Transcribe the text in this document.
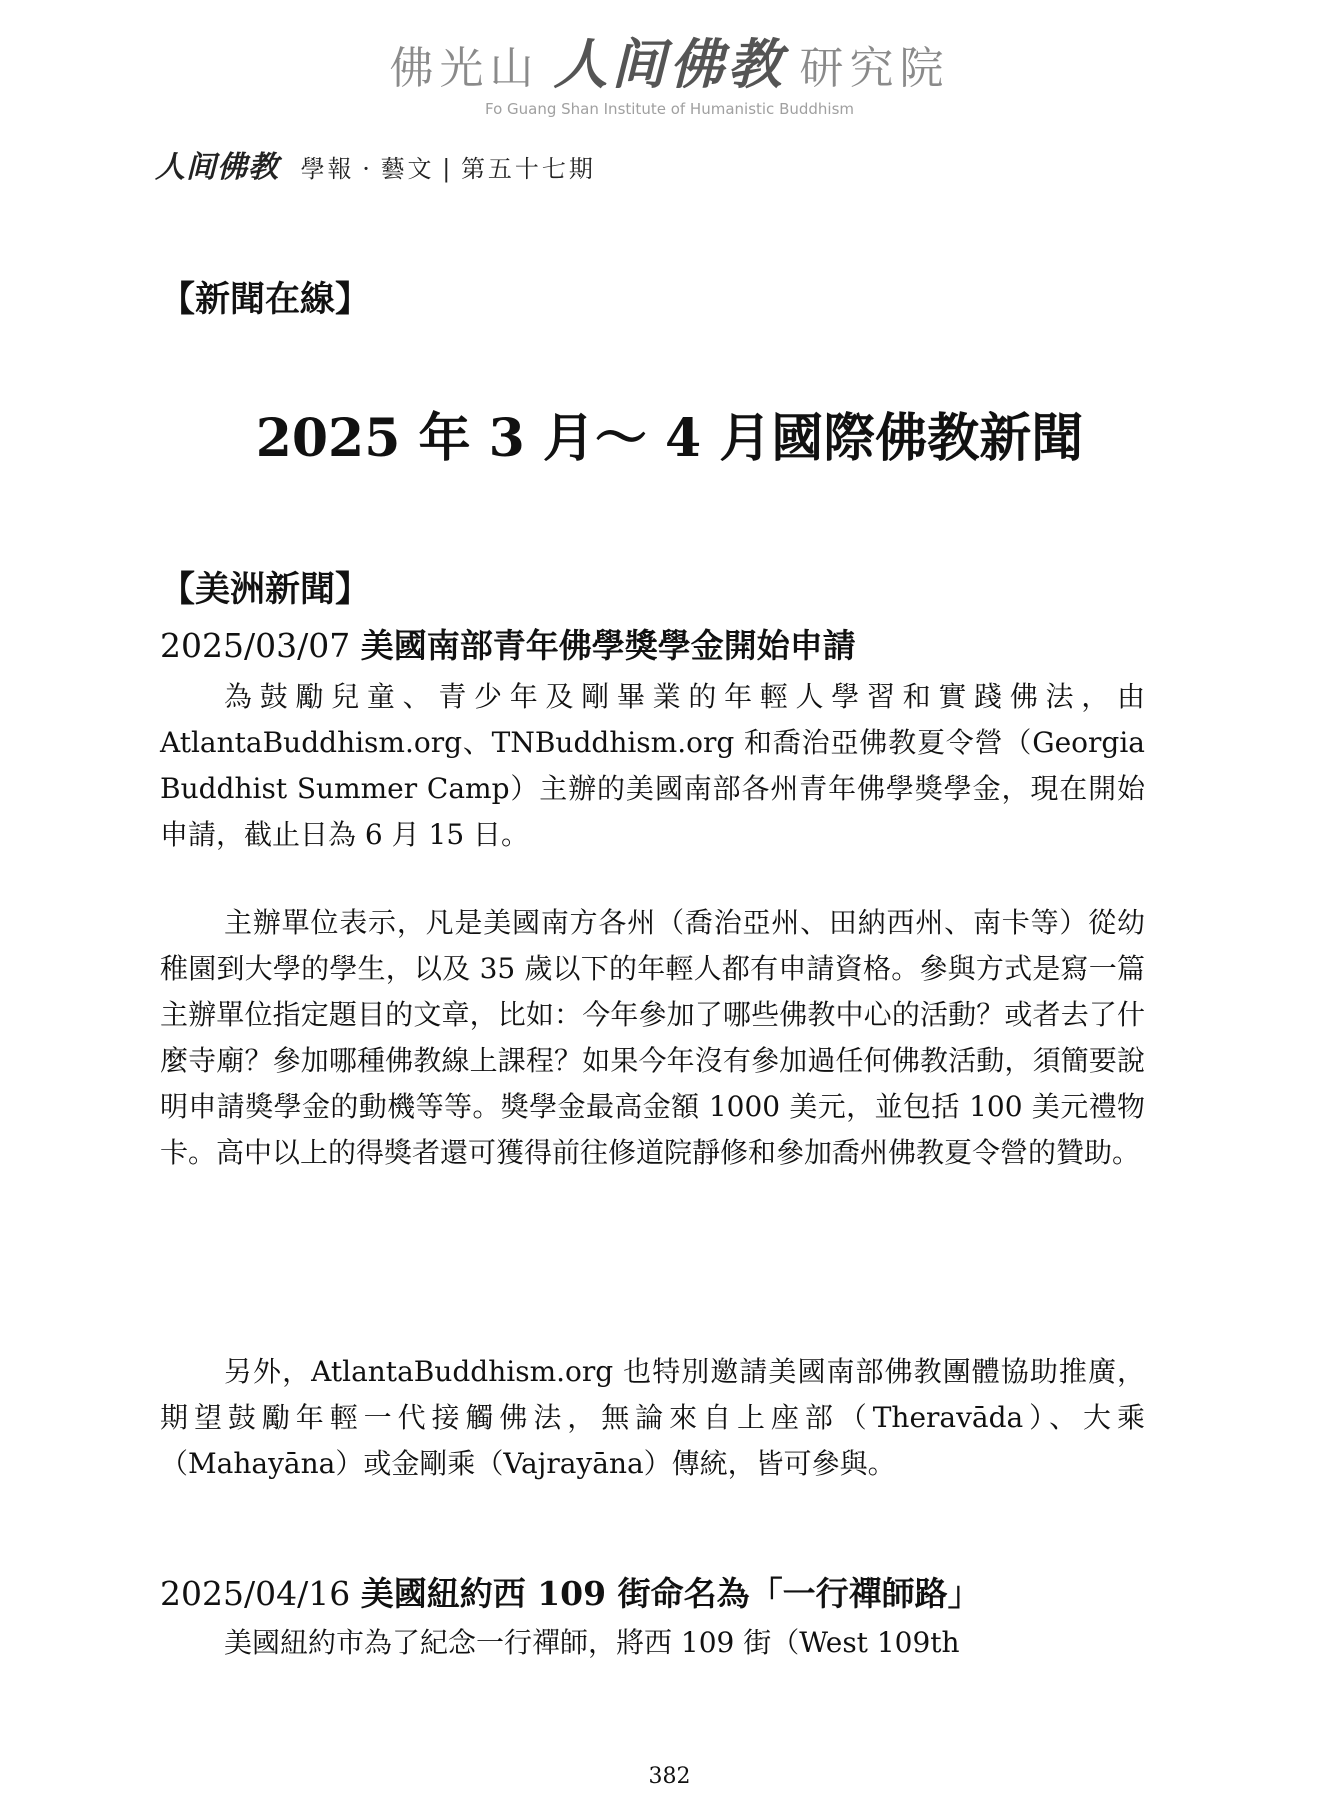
佛光山 人间佛教 研究院
Fo Guang Shan Institute of Humanistic Buddhism
人间佛教 學報 · 藝文 | 第五十七期
【新聞在線】
2025 年 3 月～ 4 月國際佛教新聞
【美洲新聞】
2025/03/07 美國南部青年佛學獎學金開始申請

為鼓勵兒童、青少年及剛畢業的年輕人學習和實踐佛法，由 AtlantaBuddhism.org、TNBuddhism.org 和喬治亞佛教夏令營（Georgia Buddhist Summer Camp）主辦的美國南部各州青年佛學獎學金，現在開始申請，截止日為 6 月 15 日。

主辦單位表示，凡是美國南方各州（喬治亞州、田納西州、南卡等）從幼稚園到大學的學生，以及 35 歲以下的年輕人都有申請資格。參與方式是寫一篇主辦單位指定題目的文章，比如：今年參加了哪些佛教中心的活動？或者去了什麼寺廟？參加哪種佛教線上課程？如果今年沒有參加過任何佛教活動，須簡要說明申請獎學金的動機等等。獎學金最高金額 1000 美元，並包括 100 美元禮物卡。高中以上的得獎者還可獲得前往修道院靜修和參加喬州佛教夏令營的贊助。

另外，AtlantaBuddhism.org 也特別邀請美國南部佛教團體協助推廣，期望鼓勵年輕一代接觸佛法，無論來自上座部（Theravāda）、大乘（Mahayāna）或金剛乘（Vajrayāna）傳統，皆可參與。

2025/04/16 美國紐約西 109 街命名為「一行禪師路」

美國紐約市為了紀念一行禪師，將西 109 街（West 109th

382
